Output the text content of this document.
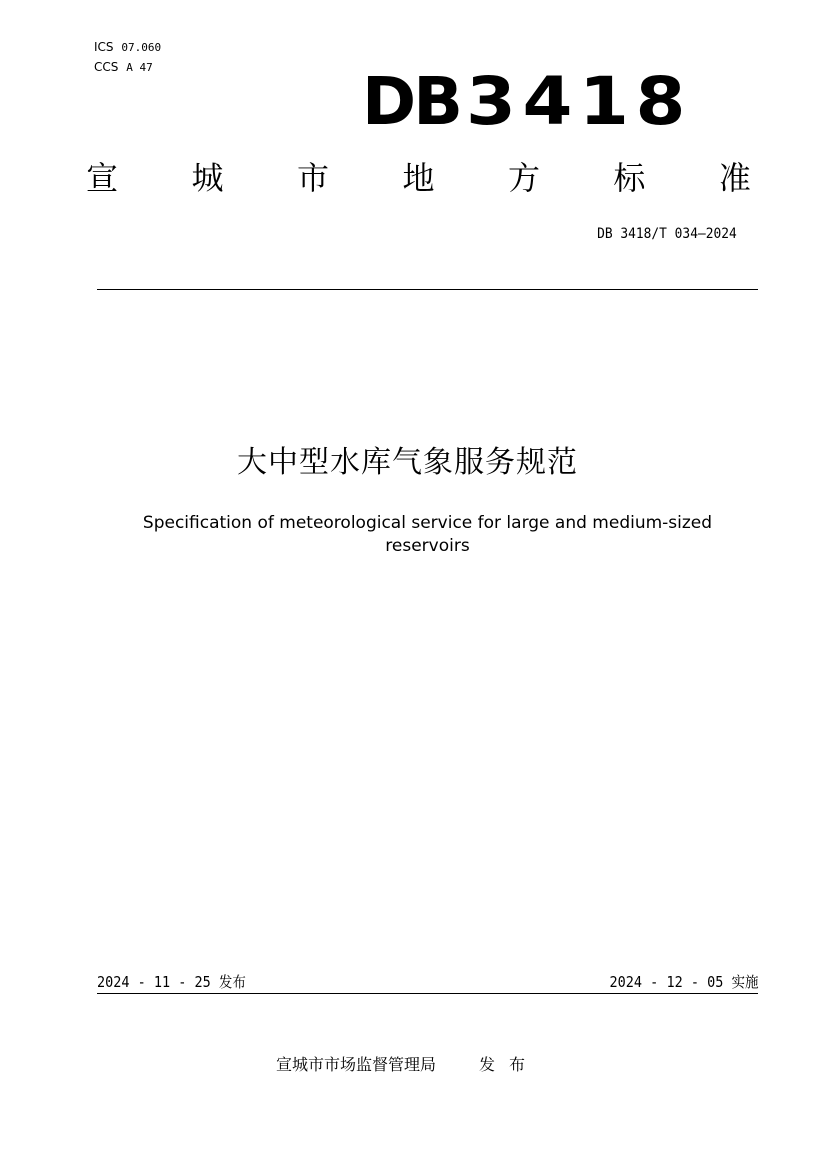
ICS 07.060
CCS A 47	DB 3418
宣 城 市 地 方 标 准
DB 3418/T 034—2024
大中型水库气象服务规范
Specification of meteorological service for large and medium-sized reservoirs
2024 - 11 - 25 发布	2024 - 12 - 05 实施
宣城市市场监督管理局	发布
